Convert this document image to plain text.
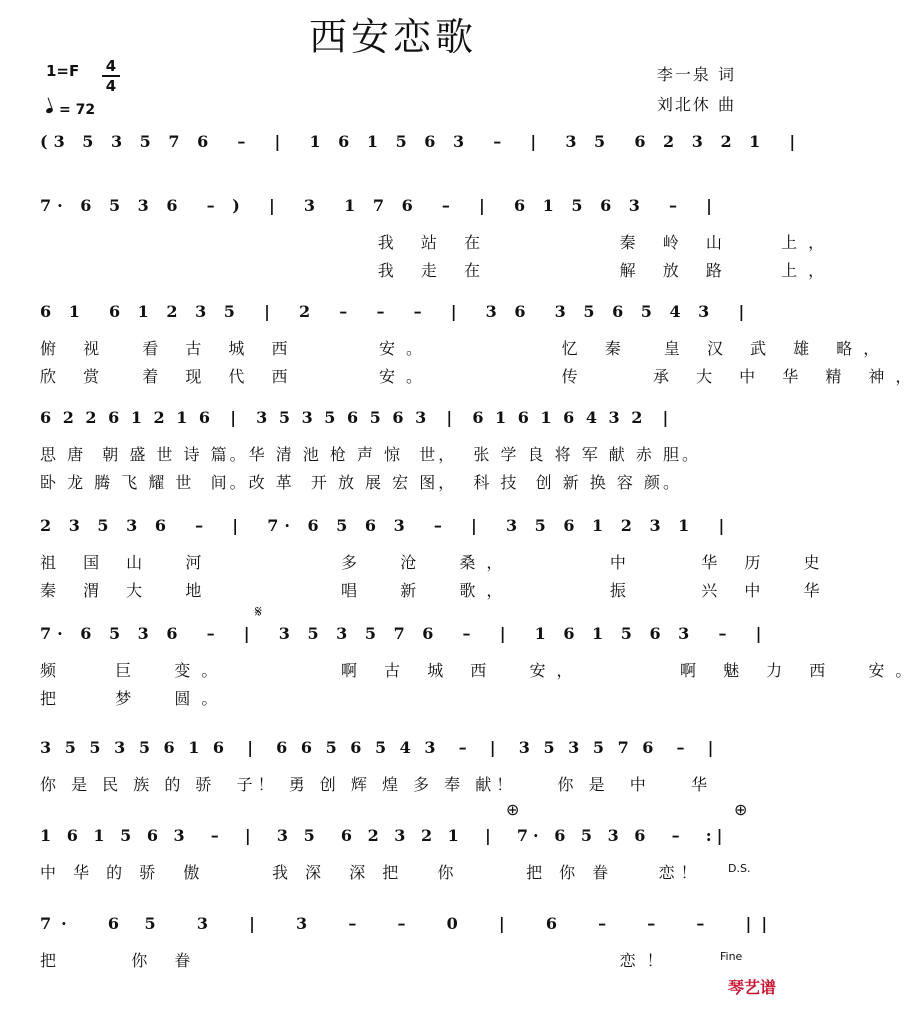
西安恋歌
1=F 4
4
= 72
李一泉 词
刘北休 曲
(3 5 3 5 7 6  –  |  1 6 1 5 6 3  –  |  3 5  6 2 3 2 1  |
7· 6 5 3 6  – )  |  3  1 7 6  –  |  6 1 5 6 3  –  |
我 站 在        秦 岭 山   上，
我 走 在        解 放 路   上，
6 1  6 1 2 3 5  |  2  –  –  –  |  3 6  3 5 6 5 4 3  |
俯 视  看 古 城 西     安。        忆 秦  皇 汉 武 雄 略，
欣 赏  着 现 代 西     安。        传    承 大 中 华 精 神，
6 2 2 6 1 2 1 6  |  3 5 3 5 6 5 6 3  |  6 1 6 1 6 4 3 2  |
思 唐  朝 盛 世 诗 篇。华 清 池 枪 声 惊  世，  张 学 良 将 军 献 赤 胆。
卧 龙 腾 飞 耀 世  间。改 革  开 放 展 宏 图，  科 技  创 新 换 容 颜。
2 3 5 3 6  –  |  7· 6 5 6 3  –  |  3 5 6 1 2 3 1  |
祖 国 山  河        多  沧  桑，      中    华 历  史
秦 渭 大  地        唱  新  歌，      振    兴 中  华
𝄋
7· 6 5 3 6  –  |  3 5 3 5 7 6  –  |  1 6 1 5 6 3  –  |
频   巨  变。       啊 古 城 西  安，      啊 魅 力 西  安。
把   梦  圆。
3 5 5 3 5 6 1 6  |  6 6 5 6 5 4 3  –  |  3 5 3 5 7 6  –  |
你 是 民 族 的 骄  子！ 勇 创 辉 煌 多 奉 献！    你 是  中    华
⊕	⊕
1 6 1 5 6 3  –  |  3 5  6 2 3 2 1  |  7· 6 5 3 6  –  :|
中 华 的 骄  傲      我 深  深 把   你      把 你 眷    恋！	D.S.
7·  6 5  3  |  3  –  –  0  |  6  –  –  –  ||
把    你 眷                          恋！	Fine
琴艺谱
